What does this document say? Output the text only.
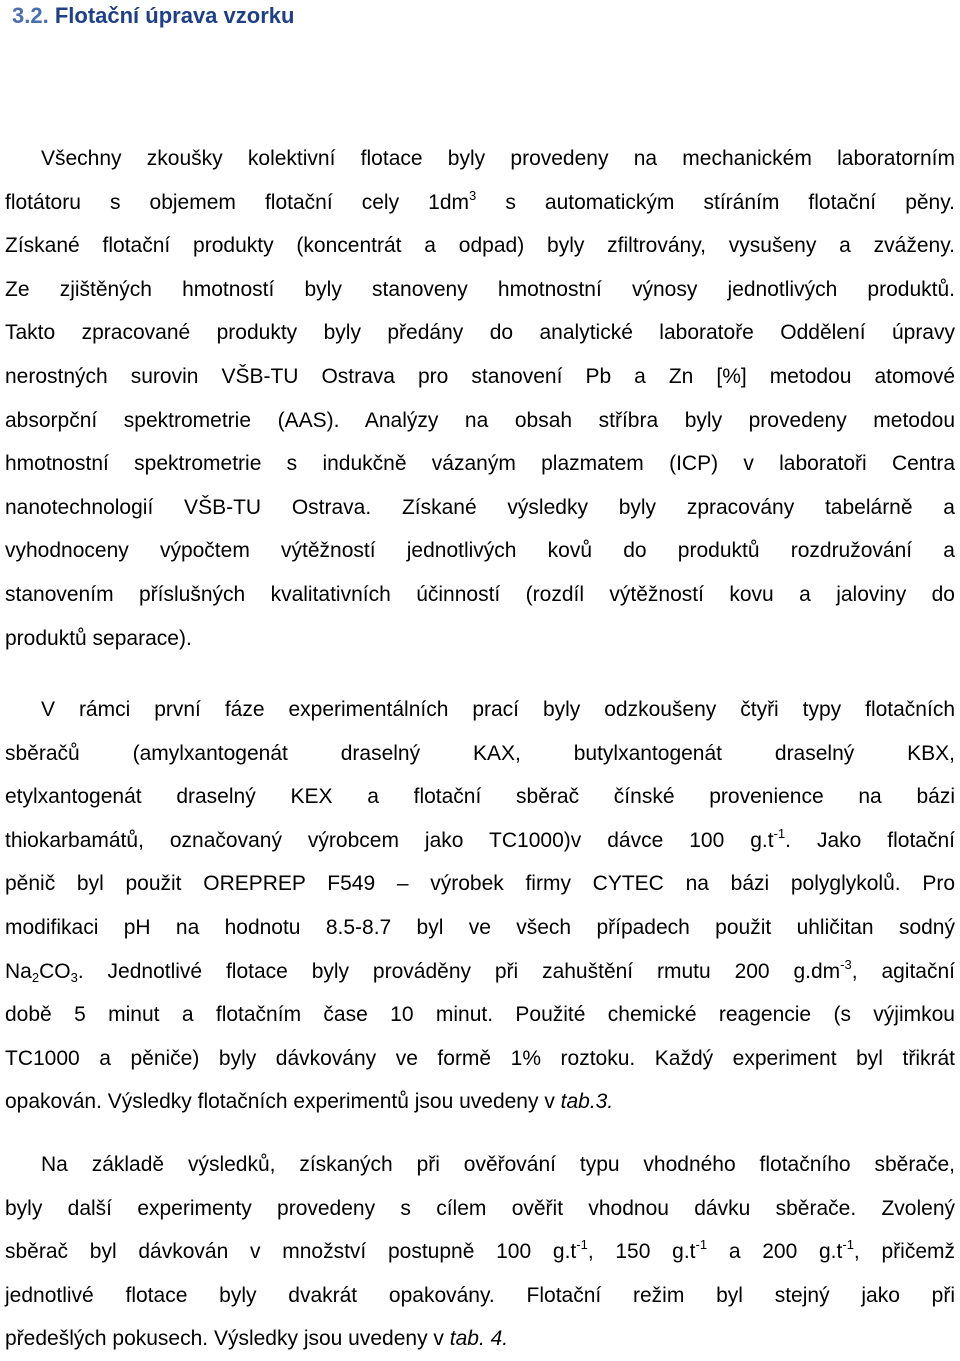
3.2. Flotační úprava vzorku
Všechny zkoušky kolektivní flotace byly provedeny na mechanickém laboratorním
flotátoru s objemem flotační cely $1dm^3$ s automatickým stíráním flotační pěny.
Získané flotační produkty (koncentrát a odpad) byly zfiltrovány, vysušeny a zváženy.
Ze zjištěných hmotností byly stanoveny hmotnostní výnosy jednotlivých produktů.
Takto zpracované produkty byly předány do analytické laboratoře Oddělení úpravy
nerostných surovin VŠB-TU Ostrava pro stanovení Pb a Zn [%] metodou atomové
absorpční spektrometrie (AAS). Analýzy na obsah stříbra byly provedeny metodou
hmotnostní spektrometrie s indukčně vázaným plazmatem (ICP) v laboratoři Centra
nanotechnologií VŠB-TU Ostrava. Získané výsledky byly zpracovány tabelárně a
vyhodnoceny výpočtem výtěžností jednotlivých kovů do produktů rozdružování a
stanovením příslušných kvalitativních účinností (rozdíl výtěžností kovu a jaloviny do
produktů separace).
V rámci první fáze experimentálních prací byly odzkoušeny čtyři typy flotačních
sběračů (amylxantogenát draselný KAX, butylxantogenát draselný KBX,
etylxantogenát draselný KEX a flotační sběrač čínské provenience na bázi
thiokarbamátů, označovaný výrobcem jako TC1000)v dávce 100 $g.t^{-1}$. Jako flotační
pěnič byl použit OREPREP F549 – výrobek firmy CYTEC na bázi polyglykolů. Pro
modifikaci pH na hodnotu 8.5-8.7 byl ve všech případech použit uhličitan sodný
$Na_2CO_3$. Jednotlivé flotace byly prováděny při zahuštění rmutu 200 $g.dm^{-3}$, agitační
době 5 minut a flotačním čase 10 minut. Použité chemické reagencie (s výjimkou
TC1000 a pěniče) byly dávkovány ve formě 1% roztoku. Každý experiment byl třikrát
opakován. Výsledky flotačních experimentů jsou uvedeny v tab.3.
Na základě výsledků, získaných při ověřování typu vhodného flotačního sběrače,
byly další experimenty provedeny s cílem ověřit vhodnou dávku sběrače. Zvolený
sběrač byl dávkován v množství postupně 100 $g.t^{-1}$, 150 $g.t^{-1}$ a 200 $g.t^{-1}$, přičemž
jednotlivé flotace byly dvakrát opakovány. Flotační režim byl stejný jako při
předešlých pokusech. Výsledky jsou uvedeny v tab. 4.
